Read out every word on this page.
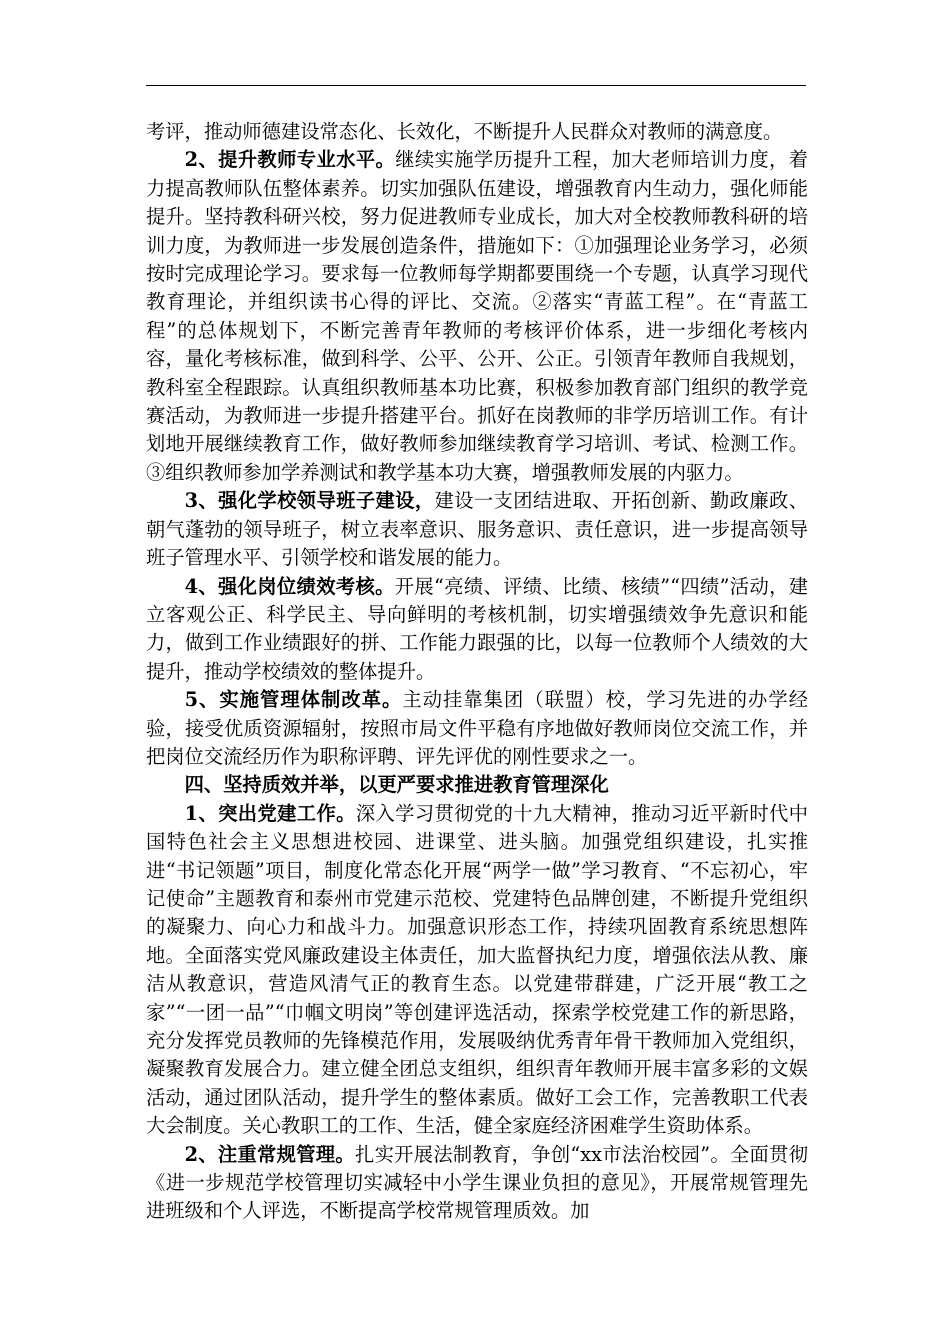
考评，推动师德建设常态化、长效化，不断提升人民群众对教师的满意度。

2、提升教师专业水平。继续实施学历提升工程，加大老师培训力度，着力提高教师队伍整体素养。切实加强队伍建设，增强教育内生动力，强化师能提升。坚持教科研兴校，努力促进教师专业成长，加大对全校教师教科研的培训力度，为教师进一步发展创造条件，措施如下：①加强理论业务学习，必须按时完成理论学习。要求每一位教师每学期都要围绕一个专题，认真学习现代教育理论，并组织读书心得的评比、交流。②落实“青蓝工程”。在“青蓝工程”的总体规划下，不断完善青年教师的考核评价体系，进一步细化考核内容，量化考核标准，做到科学、公平、公开、公正。引领青年教师自我规划，教科室全程跟踪。认真组织教师基本功比赛，积极参加教育部门组织的教学竞赛活动，为教师进一步提升搭建平台。抓好在岗教师的非学历培训工作。有计划地开展继续教育工作，做好教师参加继续教育学习培训、考试、检测工作。③组织教师参加学养测试和教学基本功大赛，增强教师发展的内驱力。

3、强化学校领导班子建设，建设一支团结进取、开拓创新、勤政廉政、朝气蓬勃的领导班子，树立表率意识、服务意识、责任意识，进一步提高领导班子管理水平、引领学校和谐发展的能力。

4、强化岗位绩效考核。开展“亮绩、评绩、比绩、核绩”“四绩”活动，建立客观公正、科学民主、导向鲜明的考核机制，切实增强绩效争先意识和能力，做到工作业绩跟好的拼、工作能力跟强的比，以每一位教师个人绩效的大提升，推动学校绩效的整体提升。

5、实施管理体制改革。主动挂靠集团（联盟）校，学习先进的办学经验，接受优质资源辐射，按照市局文件平稳有序地做好教师岗位交流工作，并把岗位交流经历作为职称评聘、评先评优的刚性要求之一。

四、坚持质效并举，以更严要求推进教育管理深化

1、突出党建工作。深入学习贯彻党的十九大精神，推动习近平新时代中国特色社会主义思想进校园、进课堂、进头脑。加强党组织建设，扎实推进“书记领题”项目，制度化常态化开展“两学一做”学习教育、“不忘初心，牢记使命”主题教育和泰州市党建示范校、党建特色品牌创建，不断提升党组织的凝聚力、向心力和战斗力。加强意识形态工作，持续巩固教育系统思想阵地。全面落实党风廉政建设主体责任，加大监督执纪力度，增强依法从教、廉洁从教意识，营造风清气正的教育生态。以党建带群建，广泛开展“教工之家”“一团一品”“巾帼文明岗”等创建评选活动，探索学校党建工作的新思路，充分发挥党员教师的先锋模范作用，发展吸纳优秀青年骨干教师加入党组织，凝聚教育发展合力。建立健全团总支组织，组织青年教师开展丰富多彩的文娱活动，通过团队活动，提升学生的整体素质。做好工会工作，完善教职工代表大会制度。关心教职工的工作、生活，健全家庭经济困难学生资助体系。

2、注重常规管理。扎实开展法制教育，争创“xx市法治校园”。全面贯彻《进一步规范学校管理切实减轻中小学生课业负担的意见》，开展常规管理先进班级和个人评选，不断提高学校常规管理质效。加
